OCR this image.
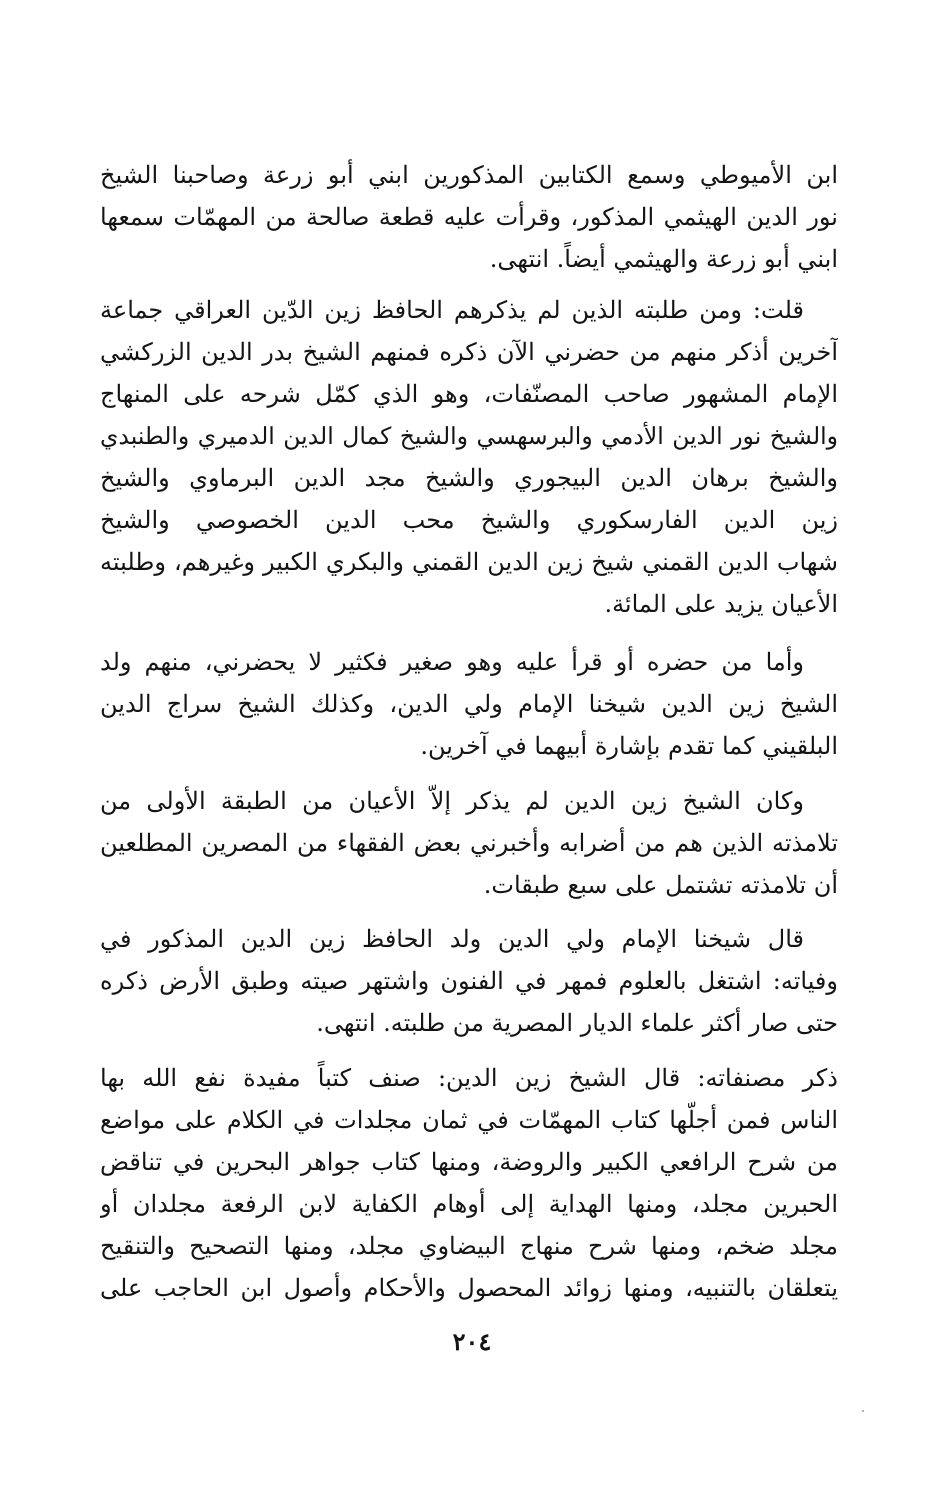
ابن الأميوطي وسمع الكتابين المذكورين ابني أبو زرعة وصاحبنا الشيخ
نور الدين الهيثمي المذكور، وقرأت عليه قطعة صالحة من المهمّات سمعها
ابني أبو زرعة والهيثمي أيضاً. انتهى.
قلت: ومن طلبته الذين لم يذكرهم الحافظ زين الدّين العراقي جماعة
آخرين أذكر منهم من حضرني الآن ذكره فمنهم الشيخ بدر الدين الزركشي
الإمام المشهور صاحب المصنّفات، وهو الذي كمّل شرحه على المنهاج
والشيخ نور الدين الأدمي والبرسهسي والشيخ كمال الدين الدميري والطنبدي
والشيخ برهان الدين البيجوري والشيخ مجد الدين البرماوي والشيخ
زين الدين الفارسكوري والشيخ محب الدين الخصوصي والشيخ
شهاب الدين القمني شيخ زين الدين القمني والبكري الكبير وغيرهم، وطلبته
الأعيان يزيد على المائة.
وأما من حضره أو قرأ عليه وهو صغير فكثير لا يحضرني، منهم ولد
الشيخ زين الدين شيخنا الإمام ولي الدين، وكذلك الشيخ سراج الدين
البلقيني كما تقدم بإشارة أبيهما في آخرين.
وكان الشيخ زين الدين لم يذكر إلاّ الأعيان من الطبقة الأولى من
تلامذته الذين هم من أضرابه وأخبرني بعض الفقهاء من المصرين المطلعين
أن تلامذته تشتمل على سبع طبقات.
قال شيخنا الإمام ولي الدين ولد الحافظ زين الدين المذكور في
وفياته: اشتغل بالعلوم فمهر في الفنون واشتهر صيته وطبق الأرض ذكره
حتى صار أكثر علماء الديار المصرية من طلبته. انتهى.
ذكر مصنفاته: قال الشيخ زين الدين: صنف كتباً مفيدة نفع الله بها
الناس فمن أجلّها كتاب المهمّات في ثمان مجلدات في الكلام على مواضع
من شرح الرافعي الكبير والروضة، ومنها كتاب جواهر البحرين في تناقض
الحبرين مجلد، ومنها الهداية إلى أوهام الكفاية لابن الرفعة مجلدان أو
مجلد ضخم، ومنها شرح منهاج البيضاوي مجلد، ومنها التصحيح والتنقيح
يتعلقان بالتنبيه، ومنها زوائد المحصول والأحكام وأصول ابن الحاجب على
٢٠٤
